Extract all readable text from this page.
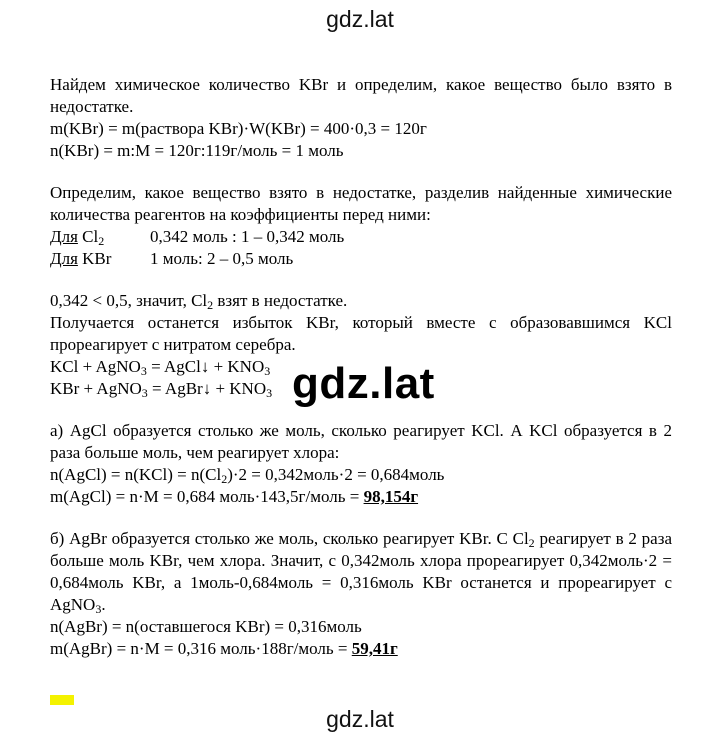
gdz.lat

Найдем химическое количество KBr и определим, какое вещество было взято в недостатке.

m(KBr) = m(раствора KBr)·W(KBr) = 400·0,3 = 120г

n(KBr) = m:M = 120г:119г/моль = 1 моль

Определим, какое вещество взято в недостатке, разделив найденные химические количества реагентов на коэффициенты перед ними:

Для $Cl_2$	0,342 моль : 1 – 0,342 моль
Для KBr	1 моль: 2 – 0,5 моль

0,342 < 0,5, значит, $Cl_2$ взят в недостатке.

Получается останется избыток KBr, который вместе с образовавшимся KCl прореагирует с нитратом серебра.

KCl + AgNO$_3$ = AgCl↓ + $KNO_3$

KBr + AgNO$_3$ = AgBr↓ + $KNO_3$

а) AgCl образуется столько же моль, сколько реагирует KCl. А KCl образуется в 2 раза больше моль, чем реагирует хлора:

n(AgCl) = $n(KCl) = n(Cl_2)\cdot 2$ = 0,342моль·2 = 0,684моль

m(AgCl) = n·M = 0,684 моль·143,5г/моль = 98,154г

б) AgBr образуется столько же моль, сколько реагирует KBr. С $Cl_2$ реагирует в 2 раза больше моль KBr, чем хлора. Значит, с 0,342моль хлора прореагирует 0,342моль·2 = 0,684моль KBr, а 1моль-0,684моль = 0,316моль KBr останется и прореагирует с AgNO$_3$.

n(AgBr) = n(оставшегося KBr) = 0,316моль

m(AgBr) = n·M = 0,316 моль·188г/моль = 59,41г

gdz.lat
gdz.lat
